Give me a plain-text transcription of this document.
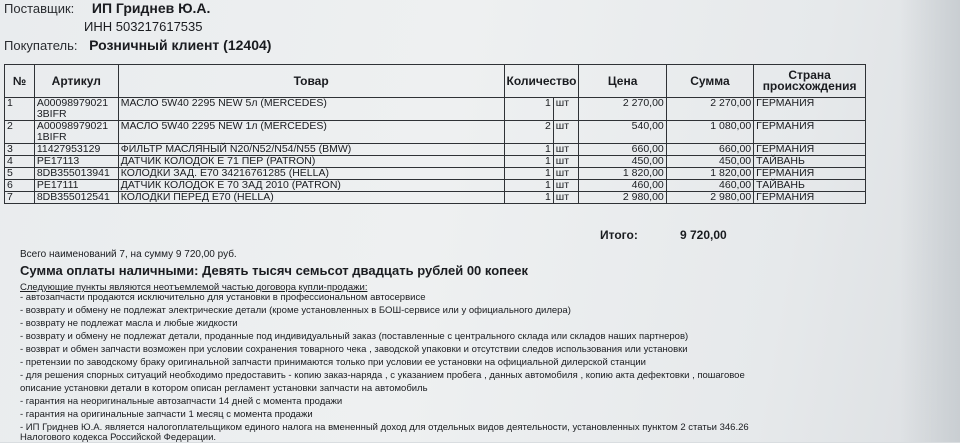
Поставщик: ИП Гриднев Ю.А.
ИНН 503217617535
Покупатель: Розничный клиент (12404)
№	Артикул	Товар	Количество		Цена	Сумма	Страна происхождения
1	A00098979021 3BIFR	МАСЛО 5W40 2295 NEW 5л (MERCEDES)	1	шт	2 270,00	2 270,00	ГЕРМАНИЯ
2	A00098979021 1BIFR	МАСЛО 5W40 2295 NEW 1л (MERCEDES)	2	шт	540,00	1 080,00	ГЕРМАНИЯ
3	11427953129	ФИЛЬТР МАСЛЯНЫЙ N20/N52/N54/N55 (BMW)	1	шт	660,00	660,00	ГЕРМАНИЯ
4	PE17113	ДАТЧИК КОЛОДОК Е 71 ПЕР (PATRON)	1	шт	450,00	450,00	ТАЙВАНЬ
5	8DB355013941	КОЛОДКИ ЗАД. Е70 34216761285 (HELLA)	1	шт	1 820,00	1 820,00	ГЕРМАНИЯ
6	PE17111	ДАТЧИК КОЛОДОК Е 70 ЗАД 2010 (PATRON)	1	шт	460,00	460,00	ТАЙВАНЬ
7	8DB355012541	КОЛОДКИ ПЕРЕД Е70 (HELLA)	1	шт	2 980,00	2 980,00	ГЕРМАНИЯ
Итого:	9 720,00
Всего наименований 7, на сумму 9 720,00 руб.
Сумма оплаты наличными: Девять тысяч семьсот двадцать рублей 00 копеек
Следующие пункты являются неотъемлемой частью договора купли-продажи:
- автозапчасти продаются исключительно для установки в профессиональном автосервисе
- возврату и обмену не подлежат электрические детали (кроме установленных в БОШ-сервисе или у официального дилера)
- возврату не подлежат масла и любые жидкости
- возврату и обмену не подлежат детали, проданные под индивидуальный заказ (поставленные с центрального склада или складов наших партнеров)
- возврат и обмен запчасти возможен при условии сохранения товарного чека , заводской упаковки и отсутствии следов использования или установки
- претензии по заводскому браку оригинальной запчасти принимаются только при условии ее установки на официальной дилерской станции
- для решения спорных ситуаций необходимо предоставить - копию заказ-наряда , с указанием пробега , данных автомобиля , копию акта дефектовки , пошаговое
описание установки детали в котором описан регламент установки запчасти на автомобиль
- гарантия на неоригинальные автозапчасти 14 дней с момента продажи
- гарантия на оригинальные запчасти 1 месяц с момента продажи
- ИП Гриднев Ю.А. является налогоплательщиком единого налога на вмененный доход для отдельных видов деятельности, установленных пунктом 2 статьи 346.26
Налогового кодекса Российской Федерации.
